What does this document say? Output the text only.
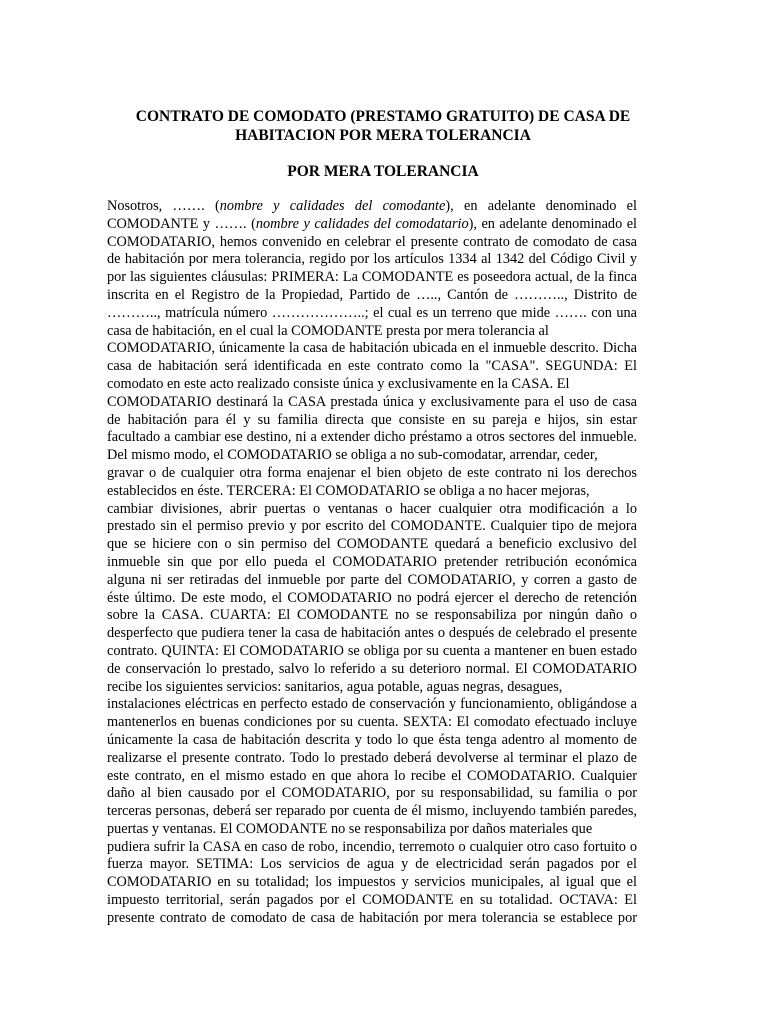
CONTRATO DE COMODATO (PRESTAMO GRATUITO) DE CASA DE
HABITACION POR MERA TOLERANCIA
POR MERA TOLERANCIA
Nosotros, ……. (nombre y calidades del comodante), en adelante denominado el
COMODANTE y ……. (nombre y calidades del comodatario), en adelante denominado el
COMODATARIO, hemos convenido en celebrar el presente contrato de comodato de casa
de habitación por mera tolerancia, regido por los artículos 1334 al 1342 del Código Civil y
por las siguientes cláusulas: PRIMERA: La COMODANTE es poseedora actual, de la finca
inscrita en el Registro de la Propiedad, Partido de ….., Cantón de ……….., Distrito de
……….., matrícula número ………………..; el cual es un terreno que mide ……. con una
casa de habitación, en el cual la COMODANTE presta por mera tolerancia al
COMODATARIO, únicamente la casa de habitación ubicada en el inmueble descrito. Dicha
casa de habitación será identificada en este contrato como la "CASA". SEGUNDA: El
comodato en este acto realizado consiste única y exclusivamente en la CASA. El
COMODATARIO destinará la CASA prestada única y exclusivamente para el uso de casa
de habitación para él y su familia directa que consiste en su pareja e hijos, sin estar
facultado a cambiar ese destino, ni a extender dicho préstamo a otros sectores del inmueble.
Del mismo modo, el COMODATARIO se obliga a no sub-comodatar, arrendar, ceder,
gravar o de cualquier otra forma enajenar el bien objeto de este contrato ni los derechos
establecidos en éste. TERCERA: El COMODATARIO se obliga a no hacer mejoras,
cambiar divisiones, abrir puertas o ventanas o hacer cualquier otra modificación a lo
prestado sin el permiso previo y por escrito del COMODANTE. Cualquier tipo de mejora
que se hiciere con o sin permiso del COMODANTE quedará a beneficio exclusivo del
inmueble sin que por ello pueda el COMODATARIO pretender retribución económica
alguna ni ser retiradas del inmueble por parte del COMODATARIO, y corren a gasto de
éste último. De este modo, el COMODATARIO no podrá ejercer el derecho de retención
sobre la CASA. CUARTA: El COMODANTE no se responsabiliza por ningún daño o
desperfecto que pudiera tener la casa de habitación antes o después de celebrado el presente
contrato. QUINTA: El COMODATARIO se obliga por su cuenta a mantener en buen estado
de conservación lo prestado, salvo lo referido a su deterioro normal. El COMODATARIO
recibe los siguientes servicios: sanitarios, agua potable, aguas negras, desagues,
instalaciones eléctricas en perfecto estado de conservación y funcionamiento, obligándose a
mantenerlos en buenas condiciones por su cuenta. SEXTA: El comodato efectuado incluye
únicamente la casa de habitación descrita y todo lo que ésta tenga adentro al momento de
realizarse el presente contrato. Todo lo prestado deberá devolverse al terminar el plazo de
este contrato, en el mismo estado en que ahora lo recibe el COMODATARIO. Cualquier
daño al bien causado por el COMODATARIO, por su responsabilidad, su familia o por
terceras personas, deberá ser reparado por cuenta de él mismo, incluyendo también paredes,
puertas y ventanas. El COMODANTE no se responsabiliza por daños materiales que
pudiera sufrir la CASA en caso de robo, incendio, terremoto o cualquier otro caso fortuito o
fuerza mayor. SETIMA: Los servicios de agua y de electricidad serán pagados por el
COMODATARIO en su totalidad; los impuestos y servicios municipales, al igual que el
impuesto territorial, serán pagados por el COMODANTE en su totalidad. OCTAVA: El
presente contrato de comodato de casa de habitación por mera tolerancia se establece por
